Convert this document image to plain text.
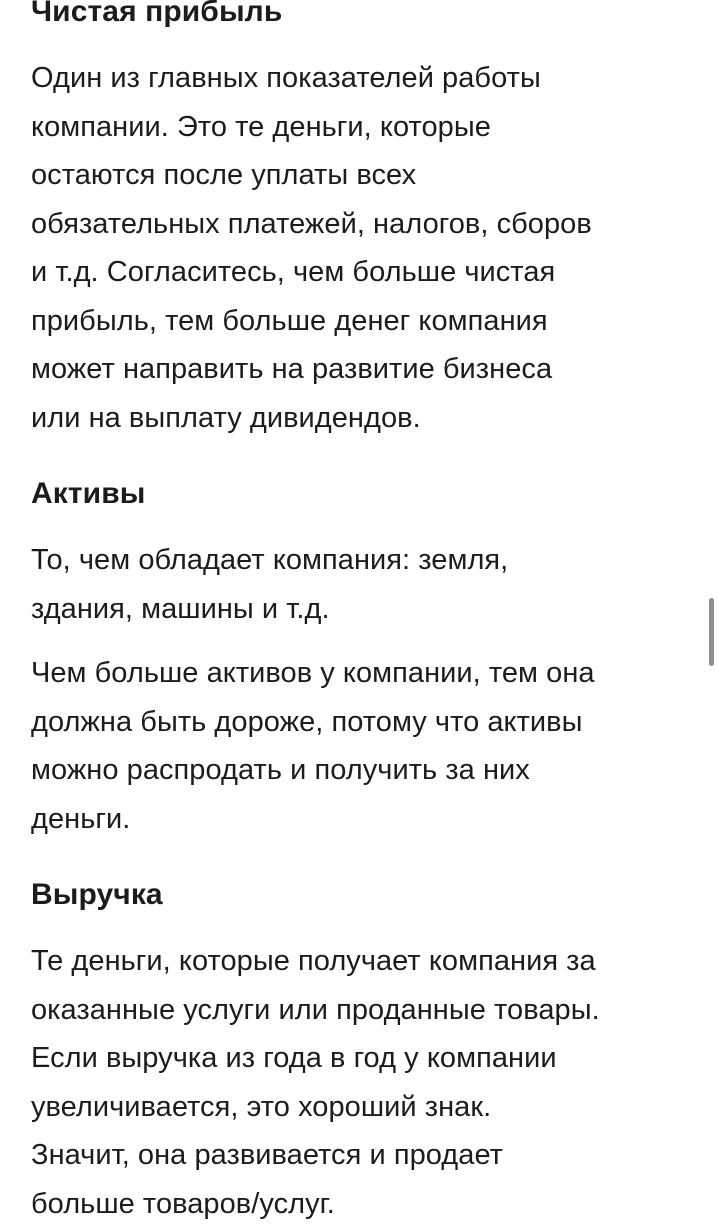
Чистая прибыль

Один из главных показателей работы
компании. Это те деньги, которые
остаются после уплаты всех
обязательных платежей, налогов, сборов
и т.д. Согласитесь, чем больше чистая
прибыль, тем больше денег компания
может направить на развитие бизнеса
или на выплату дивидендов.

Активы

То, чем обладает компания: земля,
здания, машины и т.д.

Чем больше активов у компании, тем она
должна быть дороже, потому что активы
можно распродать и получить за них
деньги.

Выручка

Те деньги, которые получает компания за
оказанные услуги или проданные товары.
Если выручка из года в год у компании
увеличивается, это хороший знак.
Значит, она развивается и продает
больше товаров/услуг.
